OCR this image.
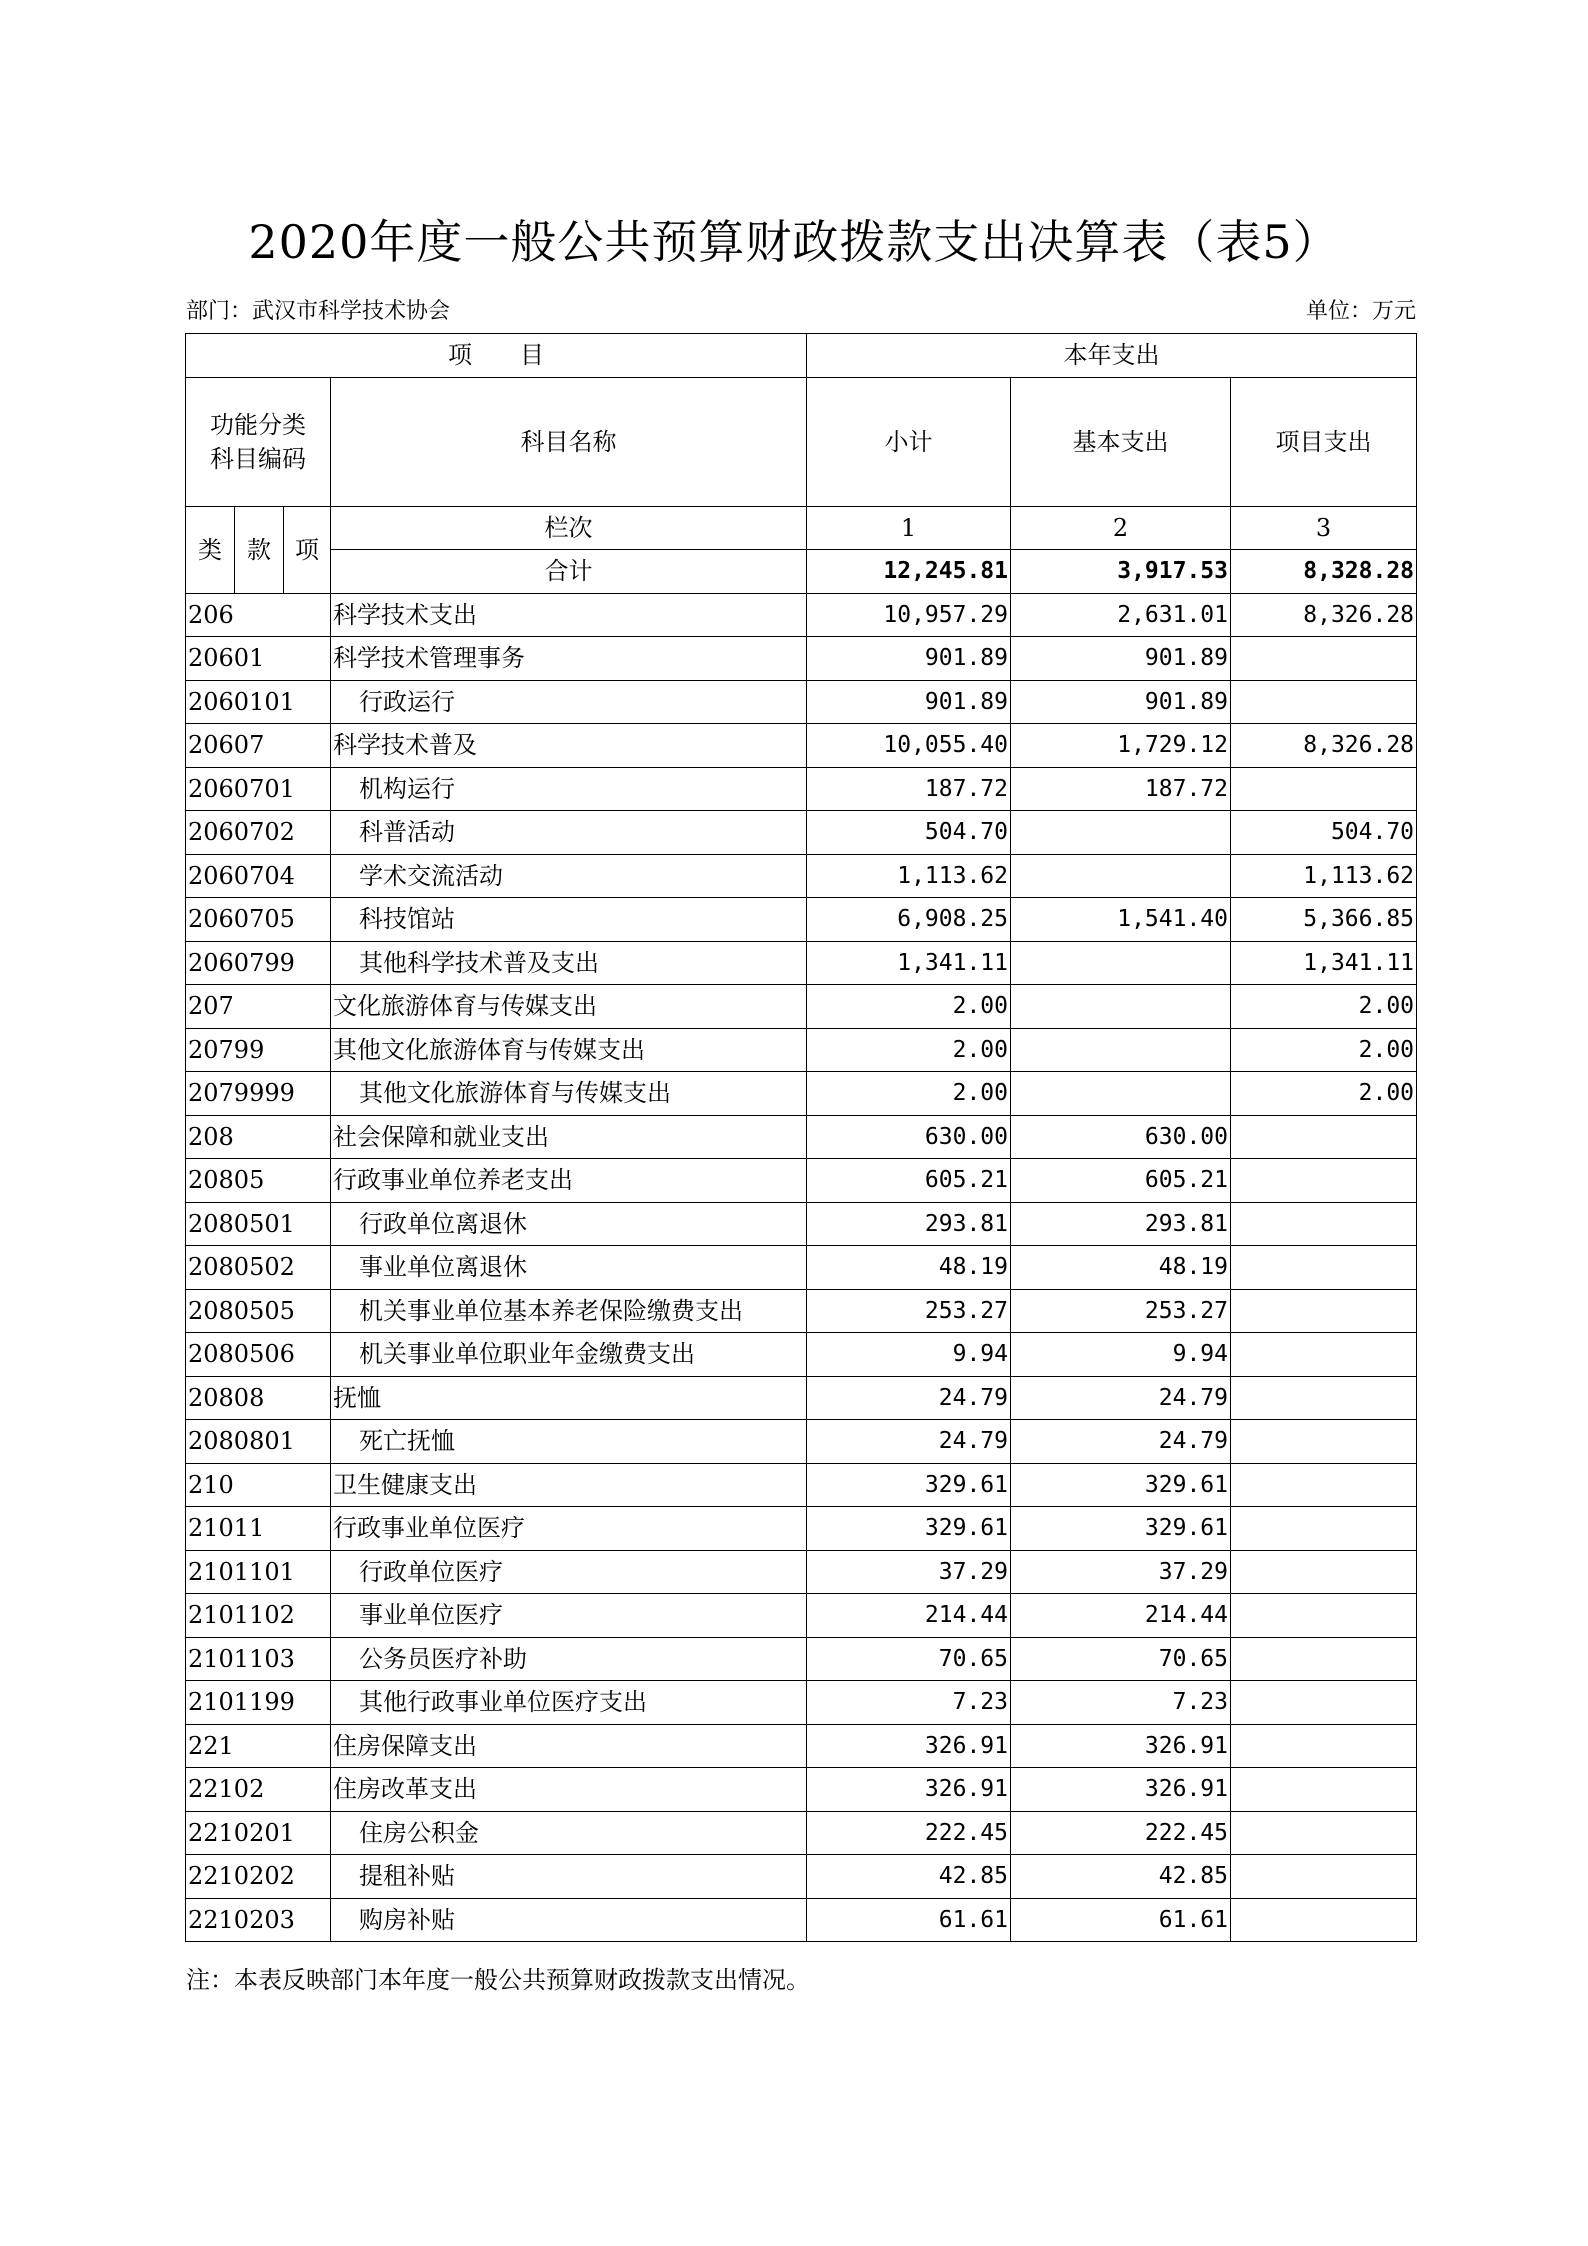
2020年度一般公共预算财政拨款支出决算表（表5）
部门：武汉市科学技术协会	单位：万元
项　　目				本年支出		
功能分类科目编码			科目名称	小计	基本支出	项目支出
类	款	项	栏次	1	2	3
			合计	12,245.81	3,917.53	8,328.28
206			科学技术支出	10,957.29	2,631.01	8,326.28
20601			科学技术管理事务	901.89	901.89	
2060101			行政运行	901.89	901.89	
20607			科学技术普及	10,055.40	1,729.12	8,326.28
2060701			机构运行	187.72	187.72	
2060702			科普活动	504.70		504.70
2060704			学术交流活动	1,113.62		1,113.62
2060705			科技馆站	6,908.25	1,541.40	5,366.85
2060799			其他科学技术普及支出	1,341.11		1,341.11
207			文化旅游体育与传媒支出	2.00		2.00
20799			其他文化旅游体育与传媒支出	2.00		2.00
2079999			其他文化旅游体育与传媒支出	2.00		2.00
208			社会保障和就业支出	630.00	630.00	
20805			行政事业单位养老支出	605.21	605.21	
2080501			行政单位离退休	293.81	293.81	
2080502			事业单位离退休	48.19	48.19	
2080505			机关事业单位基本养老保险缴费支出	253.27	253.27	
2080506			机关事业单位职业年金缴费支出	9.94	9.94	
20808			抚恤	24.79	24.79	
2080801			死亡抚恤	24.79	24.79	
210			卫生健康支出	329.61	329.61	
21011			行政事业单位医疗	329.61	329.61	
2101101			行政单位医疗	37.29	37.29	
2101102			事业单位医疗	214.44	214.44	
2101103			公务员医疗补助	70.65	70.65	
2101199			其他行政事业单位医疗支出	7.23	7.23	
221			住房保障支出	326.91	326.91	
22102			住房改革支出	326.91	326.91	
2210201			住房公积金	222.45	222.45	
2210202			提租补贴	42.85	42.85	
2210203			购房补贴	61.61	61.61	
注：本表反映部门本年度一般公共预算财政拨款支出情况。
